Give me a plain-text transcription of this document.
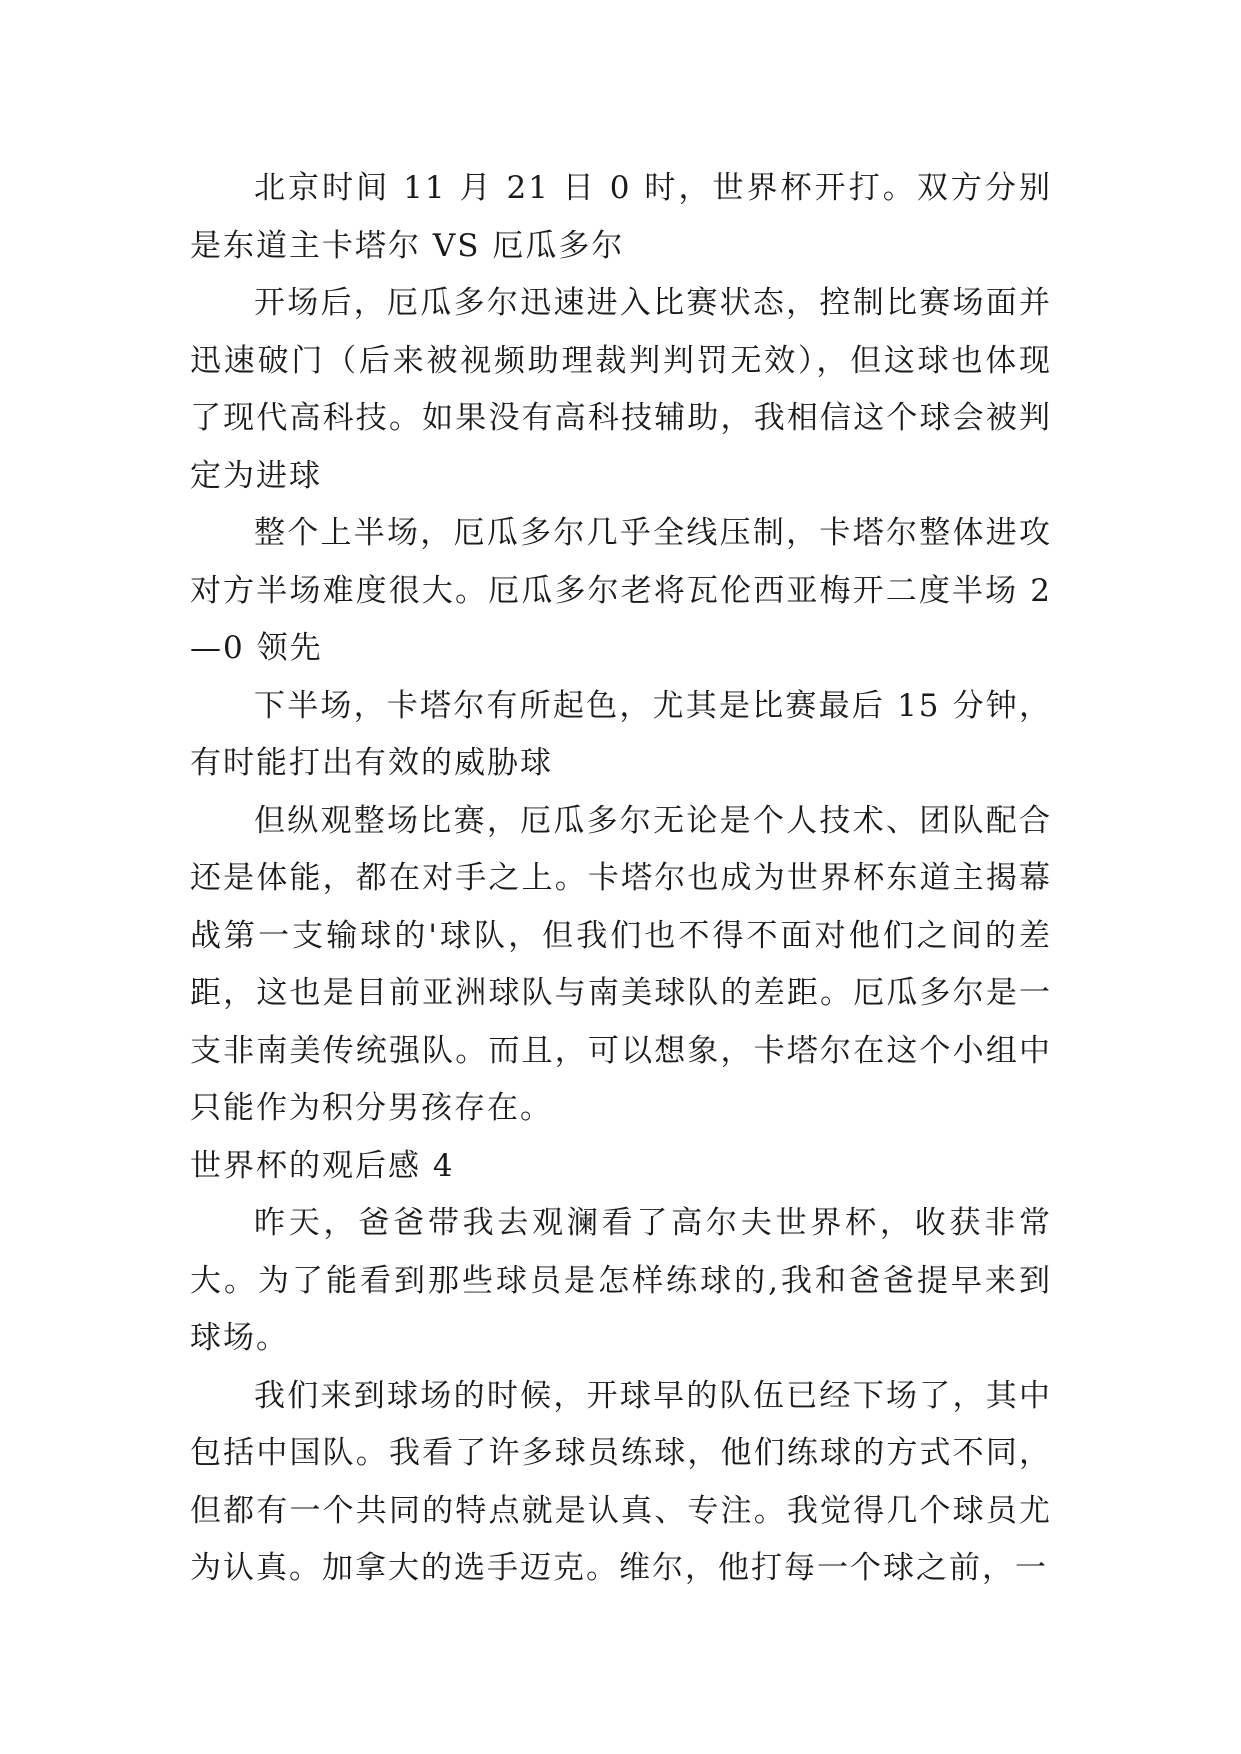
北京时间 11 月 21 日 0 时，世界杯开打。双方分别是东道主卡塔尔 VS 厄瓜多尔

开场后，厄瓜多尔迅速进入比赛状态，控制比赛场面并迅速破门（后来被视频助理裁判判罚无效），但这球也体现了现代高科技。如果没有高科技辅助，我相信这个球会被判定为进球

整个上半场，厄瓜多尔几乎全线压制，卡塔尔整体进攻对方半场难度很大。厄瓜多尔老将瓦伦西亚梅开二度半场 2—0 领先

下半场，卡塔尔有所起色，尤其是比赛最后 15 分钟，有时能打出有效的威胁球

但纵观整场比赛，厄瓜多尔无论是个人技术、团队配合还是体能，都在对手之上。卡塔尔也成为世界杯东道主揭幕战第一支输球的'球队，但我们也不得不面对他们之间的差距，这也是目前亚洲球队与南美球队的差距。厄瓜多尔是一支非南美传统强队。而且，可以想象，卡塔尔在这个小组中只能作为积分男孩存在。

世界杯的观后感 4

昨天，爸爸带我去观澜看了高尔夫世界杯，收获非常大。为了能看到那些球员是怎样练球的,我和爸爸提早来到球场。

我们来到球场的时候，开球早的队伍已经下场了，其中包括中国队。我看了许多球员练球，他们练球的方式不同，但都有一个共同的特点就是认真、专注。我觉得几个球员尤为认真。加拿大的选手迈克。维尔，他打每一个球之前，一
